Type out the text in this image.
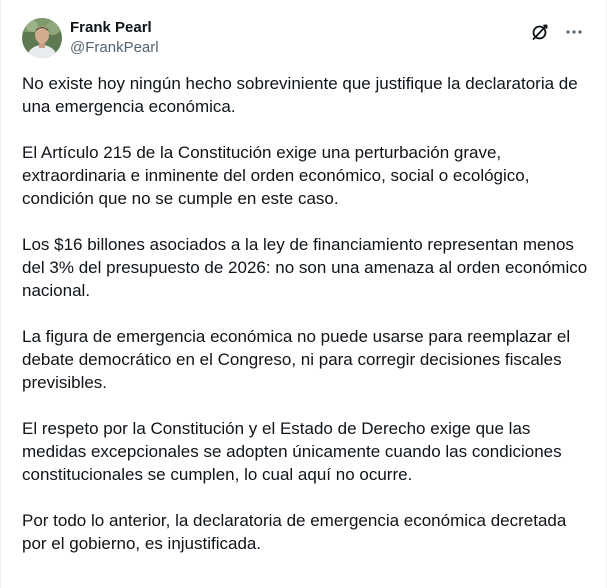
Frank Pearl
@FrankPearl

No existe hoy ningún hecho sobreviniente que justifique la declaratoria de una emergencia económica.

El Artículo 215 de la Constitución exige una perturbación grave, extraordinaria e inminente del orden económico, social o ecológico, condición que no se cumple en este caso.

Los $16 billones asociados a la ley de financiamiento representan menos del 3% del presupuesto de 2026: no son una amenaza al orden económico nacional.

La figura de emergencia económica no puede usarse para reemplazar el debate democrático en el Congreso, ni para corregir decisiones fiscales previsibles.

El respeto por la Constitución y el Estado de Derecho exige que las medidas excepcionales se adopten únicamente cuando las condiciones constitucionales se cumplen, lo cual aquí no ocurre.

Por todo lo anterior, la declaratoria de emergencia económica decretada por el gobierno, es injustificada.
